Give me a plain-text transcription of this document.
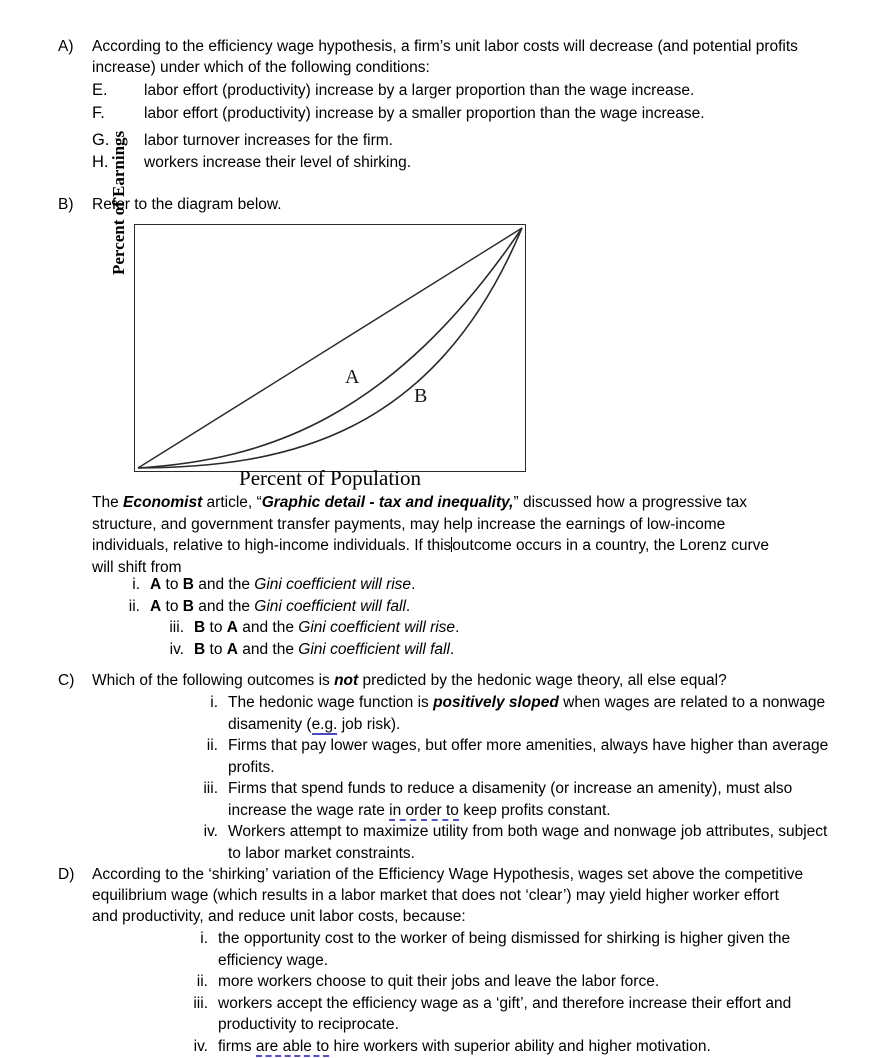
A)	According to the efficiency wage hypothesis, a firm’s unit labor costs will decrease (and potential profits increase) under which of the following conditions:
E.	labor effort (productivity) increase by a larger proportion than the wage increase.
F.	labor effort (productivity) increase by a smaller proportion than the wage increase.
G.	labor turnover increases for the firm.
H.	workers increase their level of shirking.
B)	Refer to the diagram below.
Percent of Earnings
Percent of Population
A
B
The Economist article, “Graphic detail - tax and inequality,” discussed how a progressive tax structure, and government transfer payments, may help increase the earnings of low-income individuals, relative to high-income individuals. If thisoutcome occurs in a country, the Lorenz curve will shift from
i. A to B and the Gini coefficient will rise.
ii. A to B and the Gini coefficient will fall.
iii. B to A and the Gini coefficient will rise.
iv. B to A and the Gini coefficient will fall.
C)	Which of the following outcomes is not predicted by the hedonic wage theory, all else equal?
i. The hedonic wage function is positively sloped when wages are related to a nonwage disamenity (e.g. job risk).
ii. Firms that pay lower wages, but offer more amenities, always have higher than average profits.
iii. Firms that spend funds to reduce a disamenity (or increase an amenity), must also increase the wage rate in order to keep profits constant.
iv. Workers attempt to maximize utility from both wage and nonwage job attributes, subject to labor market constraints.
D)	According to the ‘shirking’ variation of the Efficiency Wage Hypothesis, wages set above the competitive equilibrium wage (which results in a labor market that does not ‘clear’) may yield higher worker effort and productivity, and reduce unit labor costs, because:
i. the opportunity cost to the worker of being dismissed for shirking is higher given the efficiency wage.
ii. more workers choose to quit their jobs and leave the labor force.
iii. workers accept the efficiency wage as a ‘gift’, and therefore increase their effort and productivity to reciprocate.
iv. firms are able to hire workers with superior ability and higher motivation.
